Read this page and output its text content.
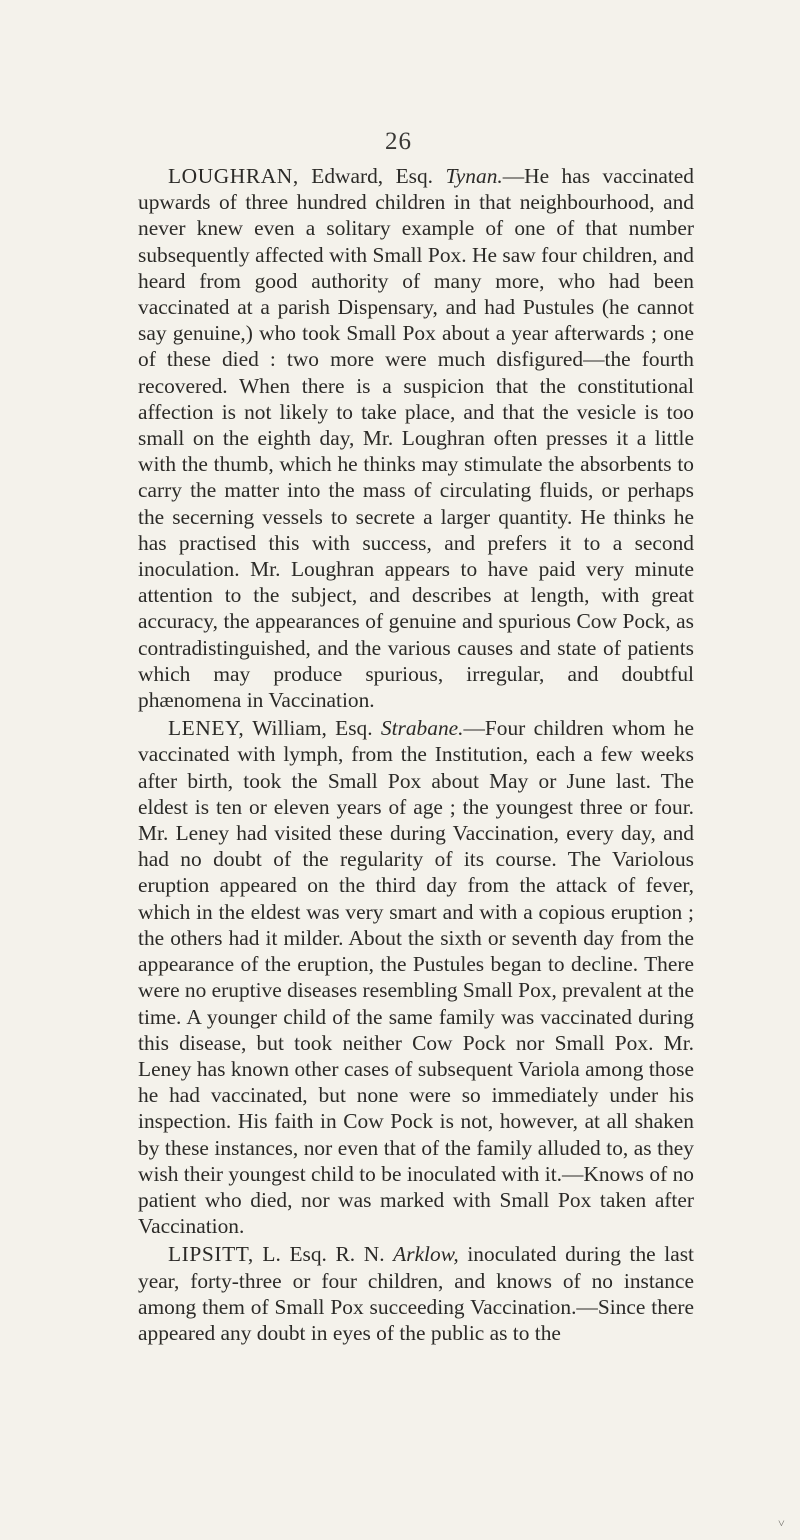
26

LOUGHRAN, Edward, Esq. Tynan.—He has vaccinated upwards of three hundred children in that neighbourhood, and never knew even a solitary example of one of that number subsequently affected with Small Pox. He saw four children, and heard from good authority of many more, who had been vaccinated at a parish Dispensary, and had Pustules (he cannot say genuine,) who took Small Pox about a year afterwards ; one of these died : two more were much disfigured—the fourth recovered. When there is a suspicion that the constitutional affection is not likely to take place, and that the vesicle is too small on the eighth day, Mr. Loughran often presses it a little with the thumb, which he thinks may stimulate the absorbents to carry the matter into the mass of circulating fluids, or perhaps the secerning vessels to secrete a larger quantity. He thinks he has practised this with success, and prefers it to a second inoculation. Mr. Loughran appears to have paid very minute attention to the subject, and describes at length, with great accuracy, the appearances of genuine and spurious Cow Pock, as contradistinguished, and the various causes and state of patients which may produce spurious, irregular, and doubtful phænomena in Vaccination.

LENEY, William, Esq. Strabane.—Four children whom he vaccinated with lymph, from the Institution, each a few weeks after birth, took the Small Pox about May or June last. The eldest is ten or eleven years of age ; the youngest three or four. Mr. Leney had visited these during Vaccination, every day, and had no doubt of the regularity of its course. The Variolous eruption appeared on the third day from the attack of fever, which in the eldest was very smart and with a copious eruption ; the others had it milder. About the sixth or seventh day from the appearance of the eruption, the Pustules began to decline. There were no eruptive diseases resembling Small Pox, prevalent at the time. A younger child of the same family was vaccinated during this disease, but took neither Cow Pock nor Small Pox. Mr. Leney has known other cases of subsequent Variola among those he had vaccinated, but none were so immediately under his inspection. His faith in Cow Pock is not, however, at all shaken by these instances, nor even that of the family alluded to, as they wish their youngest child to be inoculated with it.—Knows of no patient who died, nor was marked with Small Pox taken after Vaccination.

LIPSITT, L. Esq. R. N. Arklow, inoculated during the last year, forty-three or four children, and knows of no instance among them of Small Pox succeeding Vaccination.—Since there appeared any doubt in eyes of the public as to the

˅
